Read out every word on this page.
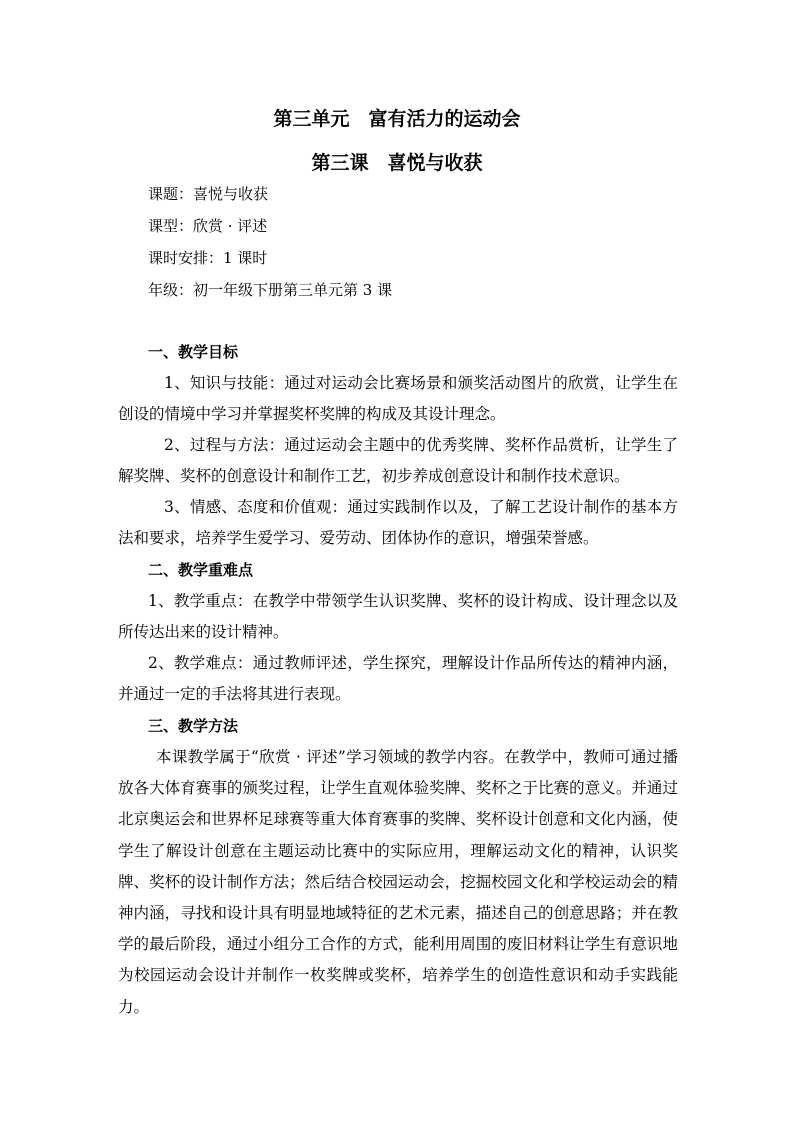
第三单元　富有活力的运动会
第三课　喜悦与收获
课题：喜悦与收获
课型：欣赏 · 评述
课时安排：1 课时
年级：初一年级下册第三单元第 3 课
一、教学目标

1、知识与技能：通过对运动会比赛场景和颁奖活动图片的欣赏，让学生在创设的情境中学习并掌握奖杯奖牌的构成及其设计理念。

2、过程与方法：通过运动会主题中的优秀奖牌、奖杯作品赏析，让学生了解奖牌、奖杯的创意设计和制作工艺，初步养成创意设计和制作技术意识。

3、情感、态度和价值观：通过实践制作以及，了解工艺设计制作的基本方法和要求，培养学生爱学习、爱劳动、团体协作的意识，增强荣誉感。

二、教学重难点

1、教学重点：在教学中带领学生认识奖牌、奖杯的设计构成、设计理念以及所传达出来的设计精神。

2、教学难点：通过教师评述，学生探究，理解设计作品所传达的精神内涵，并通过一定的手法将其进行表现。

三、教学方法

本课教学属于“欣赏 · 评述”学习领域的教学内容。在教学中，教师可通过播放各大体育赛事的颁奖过程，让学生直观体验奖牌、奖杯之于比赛的意义。并通过北京奥运会和世界杯足球赛等重大体育赛事的奖牌、奖杯设计创意和文化内涵，使学生了解设计创意在主题运动比赛中的实际应用，理解运动文化的精神，认识奖牌、奖杯的设计制作方法；然后结合校园运动会，挖掘校园文化和学校运动会的精神内涵，寻找和设计具有明显地域特征的艺术元素，描述自己的创意思路；并在教学的最后阶段，通过小组分工合作的方式，能利用周围的废旧材料让学生有意识地为校园运动会设计并制作一枚奖牌或奖杯，培养学生的创造性意识和动手实践能力。
